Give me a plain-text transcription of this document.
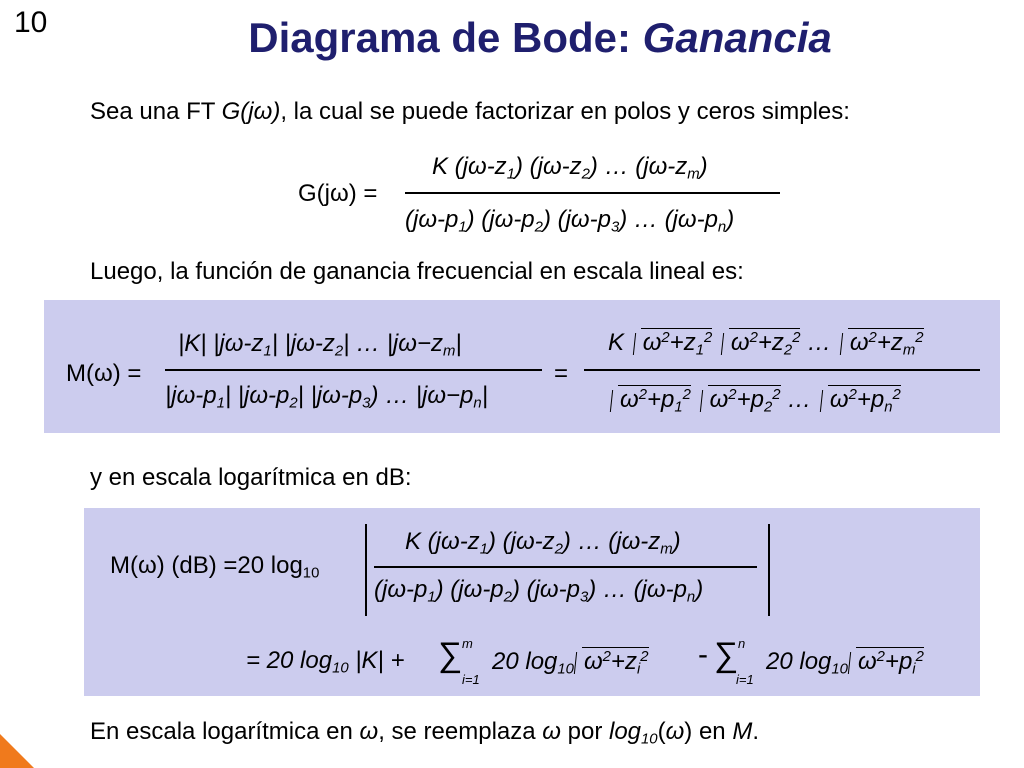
10	Diagrama de Bode: Ganancia
Sea una FT G(jω), la cual se puede factorizar en polos y ceros simples:
G(jω) =
K $(j\omega-z_1)$ $(j\omega-z_2)$ … $(j\omega-z_m)$
$(j\omega-p_1)$ $(j\omega-p_2)$ $(j\omega-p_3)$ … $(j\omega-p_n)$
Luego, la función de ganancia frecuencial en escala lineal es:
M(ω) =
|K| $|j\omega-z_1|$ $|j\omega-z_2|$ … $|j\omega-z_m|$
$|j\omega-p_1|$ $|j\omega-p_2|$ $|j\omega-p_3$) … $|j\omega-p_n|$
=
K $\omega^2+z_1^2$ $\omega^2+z_2^2$ … $\omega^2+z_m^2$
$\omega^2+p_1^2$ $\omega^2+p_2^2$ … $\omega^2+p_n^2$
y en escala logarítmica en dB:
M(ω) (dB) =20 $\log_{10}$
K $(j\omega-z_1)$ $(j\omega-z_2)$ … $(j\omega-z_m)$
$(j\omega-p_1)$ $(j\omega-p_2)$ $(j\omega-p_3)$ … $(j\omega-p_n)$
= 20 $\log_{10} |K|$ + ∑ m
i=1
20 $\log_{10} \omega^2+z_i^2$ - ∑ n
i=1
20 $\log_{10} \omega^2+p_i^2$
En escala logarítmica en ω, se reemplaza ω por $\log_{10}(\omega)$ en M.
